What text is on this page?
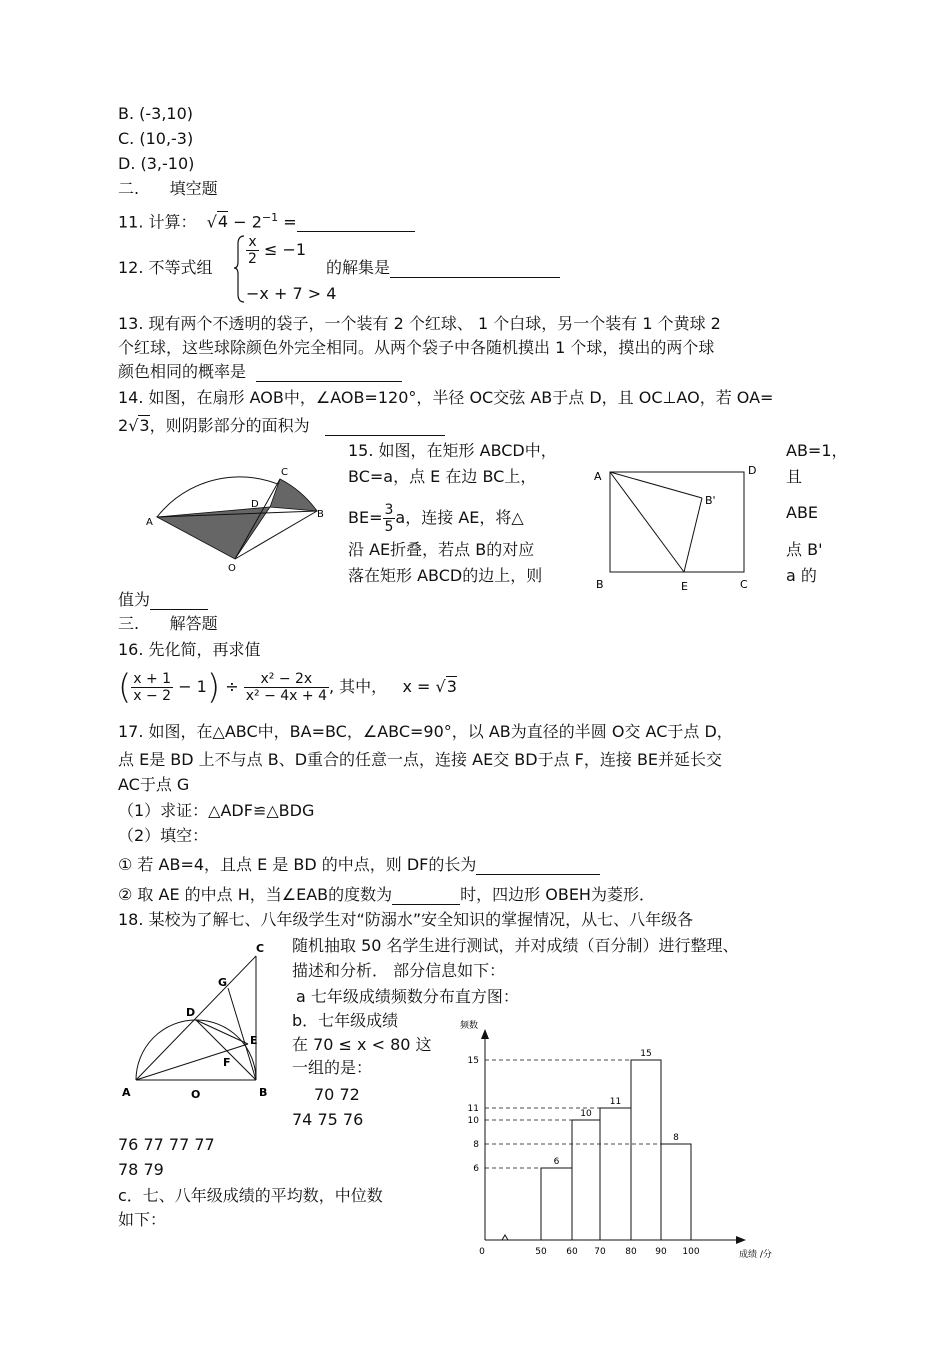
B. (-3,10)
C. (10,-3)
D. (3,-10)
二. 填空题
11. 计算： $√4 - 2^{-1}$ =
12. 不等式组
$\frac{x}{2} \le -1$
−x + 7 > 4
的解集是
13. 现有两个不透明的袋子，一个装有 2 个红球、 1 个白球，另一个装有 1 个黄球 2
个红球，这些球除颜色外完全相同。从两个袋子中各随机摸出 1 个球，摸出的两个球
颜色相同的概率是
14. 如图，在扇形 AOB中，∠AOB=120°，半径 OC交弦 AB于点 D，且 OC⊥AO，若 OA=
2√3，则阴影部分的面积为
A
B
C
D
O
15. 如图，在矩形 ABCD中，	AB=1，
BC=a，点 E 在边 BC上，	且
$BE= \frac{3}{5}$ a，连接 AE，将△	ABE
沿 AE折叠，若点 B的对应	点 B'
落在矩形 ABCD的边上，则	a 的
值为
A	D
B	C
E
B'
三. 解答题
16. 先化简，再求值
( $\frac{x + 1}{x - 2} - 1) \div \frac{\text{x² − 2x}}{\text{x² − 4x + 4}}$ , 其中， x = √3
17. 如图，在△ABC中，BA=BC，∠ABC=90°，以 AB为直径的半圆 O交 AC于点 D，
点 E是 BD 上不与点 B、D重合的任意一点，连接 AE交 BD于点 F，连接 BE并延长交
AC于点 G
（1）求证：△ADF≌△BDG
（2）填空：
① 若 AB=4，且点 E 是 BD 的中点，则 DF的长为
② 取 AE 的中点 H，当∠EAB的度数为	时，四边形 OBEH为菱形．
18. 某校为了解七、八年级学生对“防溺水”安全知识的掌握情况，从七、八年级各
随机抽取 50 名学生进行测试，并对成绩（百分制）进行整理、
描述和分析． 部分信息如下：
a 七年级成绩频数分布直方图：
b．七年级成绩
在 70 ≤ x < 80 这
一组的是：
70 72
74 75 76
76 77 77 77
78 79
c．七、八年级成绩的平均数，中位数
如下：
C
G
D
E
F
A	O	B
频数
成绩 /分
6
8
10
11
15
6
10
11
15
8
0	50 60 70 80 90 100
